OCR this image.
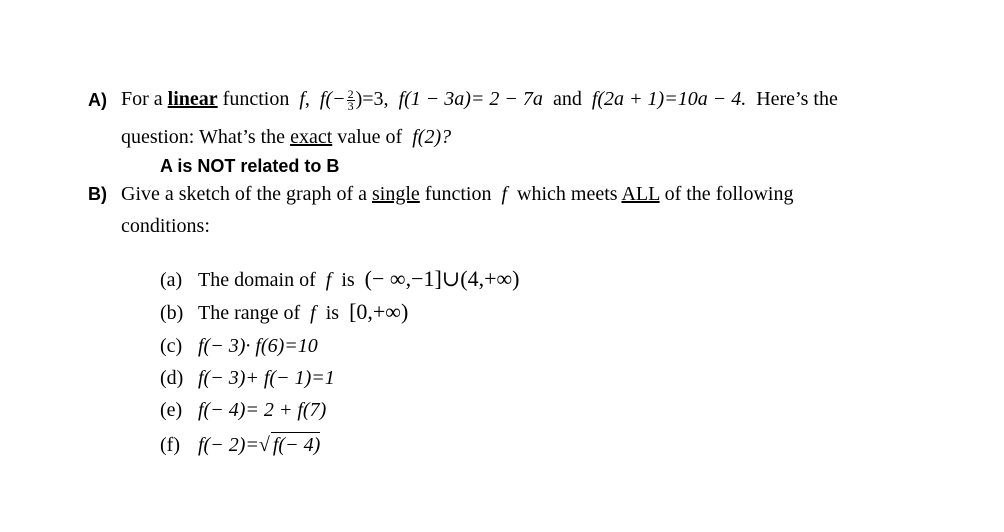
A) For a linear function f, $f(- \frac{2}{3} )=3$, f(1 − 3a)= 2 − 7a and f(2a + 1)=10a − 4. Here’s the
question: What’s the exact value of f(2)?
A is NOT related to B
B) Give a sketch of the graph of a single function f which meets ALL of the following
conditions:
(a) The domain of f is (− ∞,−1]∪(4,+∞)
(b) The range of f is [0,+∞)
(c) f(− 3)· f(6)=10
(d) f(− 3)+ f(− 1)=1
(e) f(− 4)= 2 + f(7)
(f) f(− 2)=√ f(− 4)
